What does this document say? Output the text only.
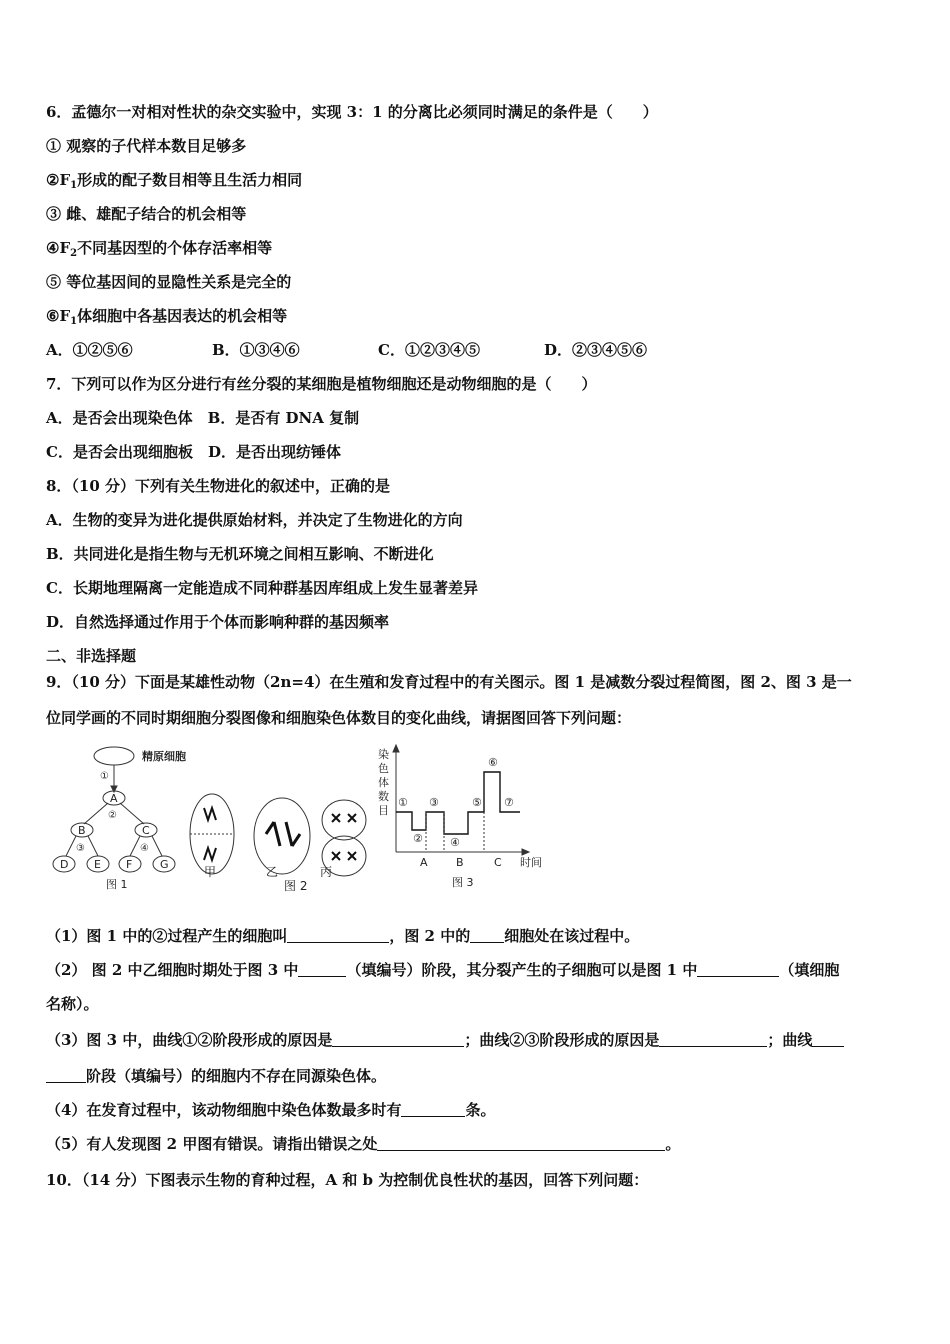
6．孟德尔一对相对性状的杂交实验中，实现 3：1 的分离比必须同时满足的条件是（　　）
① 观察的子代样本数目足够多
$②F_1$形成的配子数目相等且生活力相同
③ 雌、雄配子结合的机会相等
$④F_2$不同基因型的个体存活率相等
⑤ 等位基因间的显隐性关系是完全的
$⑥F_1$体细胞中各基因表达的机会相等
A．①②⑤⑥	B．①③④⑥	C．①②③④⑤	D．②③④⑤⑥
7．下列可以作为区分进行有丝分裂的某细胞是植物细胞还是动物细胞的是（　　）
A．是否会出现染色体　B．是否有 DNA 复制
C．是否会出现细胞板　D．是否出现纺锤体
8．（10 分）下列有关生物进化的叙述中，正确的是
A．生物的变异为进化提供原始材料，并决定了生物进化的方向
B．共同进化是指生物与无机环境之间相互影响、不断进化
C．长期地理隔离一定能造成不同种群基因库组成上发生显著差异
D．自然选择通过作用于个体而影响种群的基因频率
二、非选择题
9．（10 分）下面是某雄性动物（2n=4）在生殖和发育过程中的有关图示。图 1 是减数分裂过程简图，图 2、图 3 是一
位同学画的不同时期细胞分裂图像和细胞染色体数目的变化曲线，请据图回答下列问题：
精原细胞
①
②
③	④
A
B	C
D E F	G
图 1
甲	乙	丙
图 2
染
色
体
数
目
①
②
③
④
⑤
⑥
⑦
A	B	C 时间
图 3
（1）图 1 中的②过程产生的细胞叫	，图 2 中的 细胞处在该过程中。
（2） 图 2 中乙细胞时期处于图 3 中	（填编号）阶段，其分裂产生的子细胞可以是图 1 中	（填细胞
名称）。
（3）图 3 中，曲线①②阶段形成的原因是	；曲线②③阶段形成的原因是	；曲线
阶段（填编号）的细胞内不存在同源染色体。
（4）在发育过程中，该动物细胞中染色体数最多时有	条。
（5）有人发现图 2 甲图有错误。请指出错误之处	。
10．（14 分）下图表示生物的育种过程，A 和 b 为控制优良性状的基因，回答下列问题：
